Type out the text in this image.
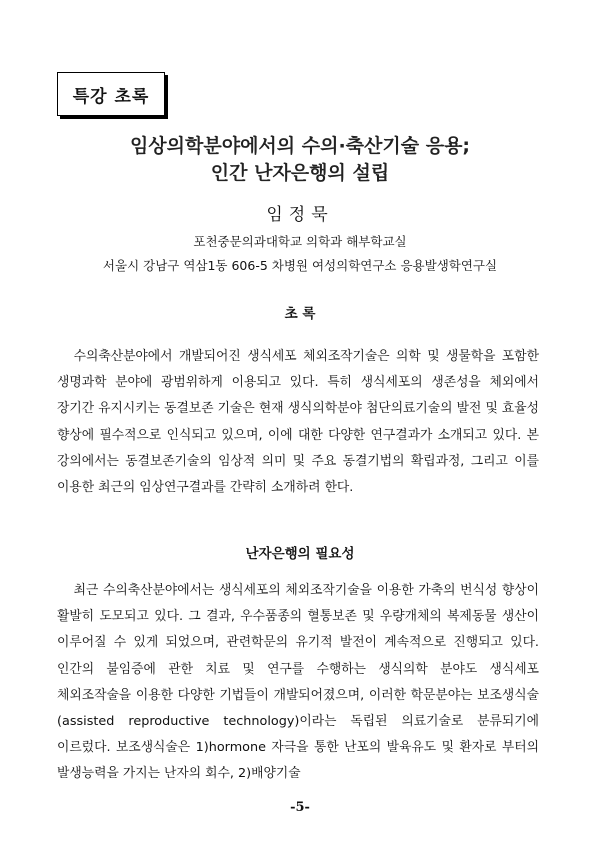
특강 초록
임상의학분야에서의 수의·축산기술 응용;
인간 난자은행의 설립
임정묵
포천중문의과대학교 의학과 해부학교실
서울시 강남구 역삼1동 606-5 차병원 여성의학연구소 응용발생학연구실
초 록
수의축산분야에서 개발되어진 생식세포 체외조작기술은 의학 및 생물학을 포함한 생명과학 분야에 광범위하게 이용되고 있다. 특히 생식세포의 생존성을 체외에서 장기간 유지시키는 동결보존 기술은 현재 생식의학분야 첨단의료기술의 발전 및 효율성 향상에 필수적으로 인식되고 있으며, 이에 대한 다양한 연구결과가 소개되고 있다. 본 강의에서는 동결보존기술의 임상적 의미 및 주요 동결기법의 확립과정, 그리고 이를 이용한 최근의 임상연구결과를 간략히 소개하려 한다.
난자은행의 필요성
최근 수의축산분야에서는 생식세포의 체외조작기술을 이용한 가축의 번식성 향상이 활발히 도모되고 있다. 그 결과, 우수품종의 혈통보존 및 우량개체의 복제동물 생산이 이루어질 수 있게 되었으며, 관련학문의 유기적 발전이 계속적으로 진행되고 있다. 인간의 불임증에 관한 치료 및 연구를 수행하는 생식의학 분야도 생식세포 체외조작술을 이용한 다양한 기법들이 개발되어졌으며, 이러한 학문분야는 보조생식술(assisted reproductive technology)이라는 독립된 의료기술로 분류되기에 이르렀다. 보조생식술은 1)hormone 자극을 통한 난포의 발육유도 및 환자로 부터의 발생능력을 가지는 난자의 회수, 2)배양기술
-5-
